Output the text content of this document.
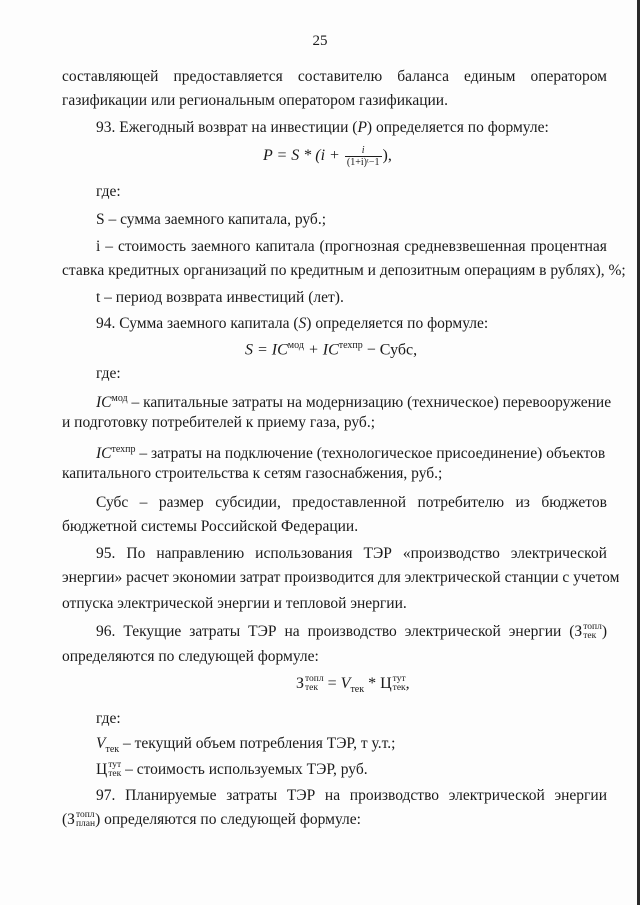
25
составляющей предоставляется составителю баланса единым оператором
газификации или региональным оператором газификации.
93. Ежегодный возврат на инвестиции (P) определяется по формуле:
$P = S * (i + \frac{i}{\text{(1+i)ᵗ−1}}$ ),
где:
S – сумма заемного капитала, руб.;
i – стоимость заемного капитала (прогнозная средневзвешенная процентная
ставка кредитных организаций по кредитным и депозитным операциям в рублях), %;
t – период возврата инвестиций (лет).
94. Сумма заемного капитала (S) определяется по формуле:
$S = IC^{мод} + IC^{техпр}$ − Субс,
где:
$IC^{мод}$ – капитальные затраты на модернизацию (техническое) перевооружение
и подготовку потребителей к приему газа, руб.;
$IC^{техпр}$ – затраты на подключение (технологическое присоединение) объектов
капитального строительства к сетям газоснабжения, руб.;
Субс – размер субсидии, предоставленной потребителю из бюджетов
бюджетной системы Российской Федерации.
95. По направлению использования ТЭР «производство электрической
энергии» расчет экономии затрат производится для электрической станции с учетом
отпуска электрической энергии и тепловой энергии.
96. Текущие затраты ТЭР на производство электрической энергии (З топл
тек )
определяются по следующей формуле:
З топл
тек = $V_{тек}$ * Ц тут
тек ,
где:
$V_{тек}$ – текущий объем потребления ТЭР, т у.т.;
Ц тут
тек – стоимость используемых ТЭР, руб.
97. Планируемые затраты ТЭР на производство электрической энергии
(З топл
план ) определяются по следующей формуле:
